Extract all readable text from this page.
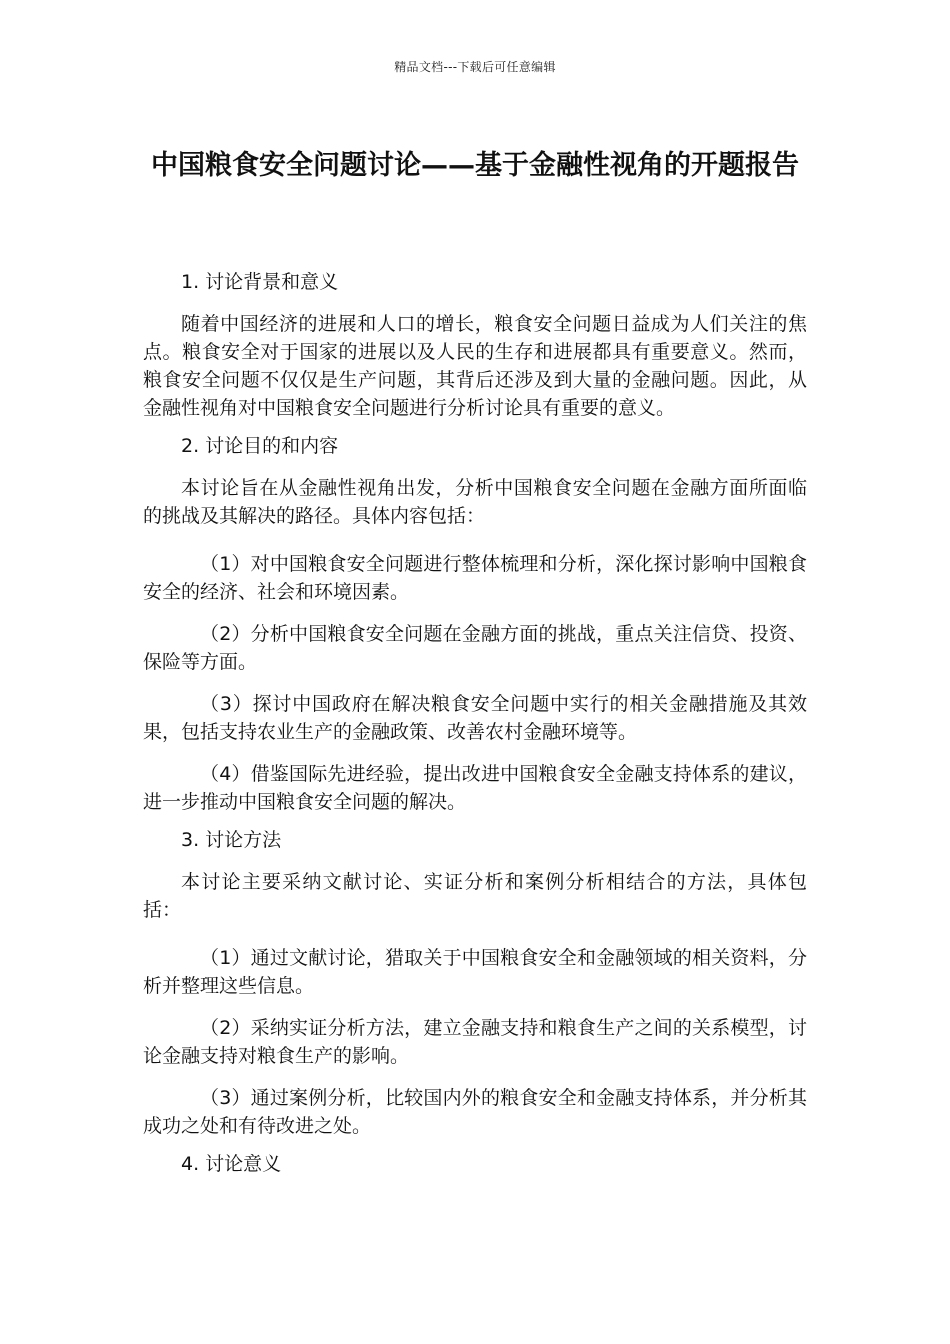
精品文档---下载后可任意编辑
中国粮食安全问题讨论——基于金融性视角的开题报告
1. 讨论背景和意义
随着中国经济的进展和人口的增长，粮食安全问题日益成为人们关注的焦点。粮食安全对于国家的进展以及人民的生存和进展都具有重要意义。然而，粮食安全问题不仅仅是生产问题，其背后还涉及到大量的金融问题。因此，从金融性视角对中国粮食安全问题进行分析讨论具有重要的意义。
2. 讨论目的和内容
本讨论旨在从金融性视角出发，分析中国粮食安全问题在金融方面所面临的挑战及其解决的路径。具体内容包括：
（1）对中国粮食安全问题进行整体梳理和分析，深化探讨影响中国粮食安全的经济、社会和环境因素。
（2）分析中国粮食安全问题在金融方面的挑战，重点关注信贷、投资、保险等方面。
（3）探讨中国政府在解决粮食安全问题中实行的相关金融措施及其效果，包括支持农业生产的金融政策、改善农村金融环境等。
（4）借鉴国际先进经验，提出改进中国粮食安全金融支持体系的建议，进一步推动中国粮食安全问题的解决。
3. 讨论方法
本讨论主要采纳文献讨论、实证分析和案例分析相结合的方法，具体包括：
（1）通过文献讨论，猎取关于中国粮食安全和金融领域的相关资料，分析并整理这些信息。
（2）采纳实证分析方法，建立金融支持和粮食生产之间的关系模型，讨论金融支持对粮食生产的影响。
（3）通过案例分析，比较国内外的粮食安全和金融支持体系，并分析其成功之处和有待改进之处。
4. 讨论意义
